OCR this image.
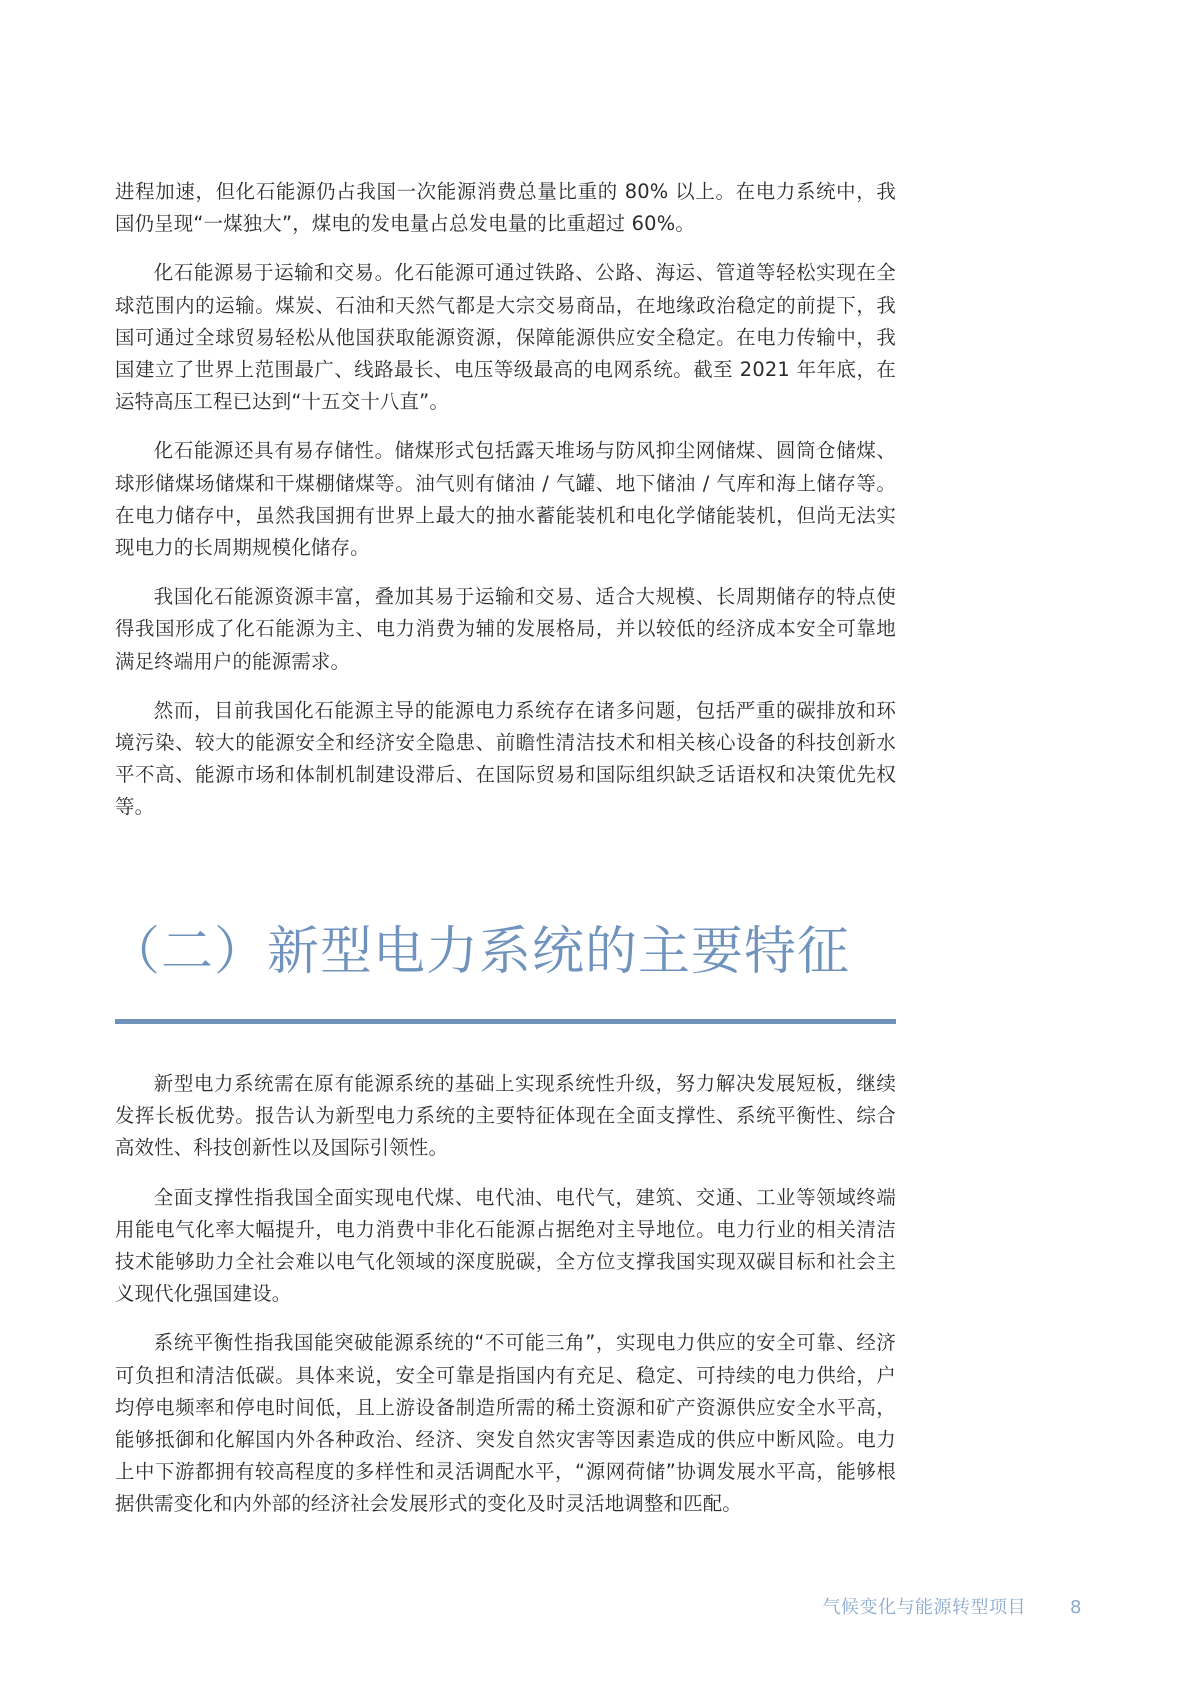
进程加速，但化石能源仍占我国一次能源消费总量比重的 80% 以上。在电力系统中，我国仍呈现“一煤独大”，煤电的发电量占总发电量的比重超过 60%。

化石能源易于运输和交易。化石能源可通过铁路、公路、海运、管道等轻松实现在全球范围内的运输。煤炭、石油和天然气都是大宗交易商品，在地缘政治稳定的前提下，我国可通过全球贸易轻松从他国获取能源资源，保障能源供应安全稳定。在电力传输中，我国建立了世界上范围最广、线路最长、电压等级最高的电网系统。截至 2021 年年底，在运特高压工程已达到“十五交十八直”。

化石能源还具有易存储性。储煤形式包括露天堆场与防风抑尘网储煤、圆筒仓储煤、球形储煤场储煤和干煤棚储煤等。油气则有储油 / 气罐、地下储油 / 气库和海上储存等。在电力储存中，虽然我国拥有世界上最大的抽水蓄能装机和电化学储能装机，但尚无法实现电力的长周期规模化储存。

我国化石能源资源丰富，叠加其易于运输和交易、适合大规模、长周期储存的特点使得我国形成了化石能源为主、电力消费为辅的发展格局，并以较低的经济成本安全可靠地满足终端用户的能源需求。

然而，目前我国化石能源主导的能源电力系统存在诸多问题，包括严重的碳排放和环境污染、较大的能源安全和经济安全隐患、前瞻性清洁技术和相关核心设备的科技创新水平不高、能源市场和体制机制建设滞后、在国际贸易和国际组织缺乏话语权和决策优先权等。

（二）新型电力系统的主要特征

新型电力系统需在原有能源系统的基础上实现系统性升级，努力解决发展短板，继续发挥长板优势。报告认为新型电力系统的主要特征体现在全面支撑性、系统平衡性、综合高效性、科技创新性以及国际引领性。

全面支撑性指我国全面实现电代煤、电代油、电代气，建筑、交通、工业等领域终端用能电气化率大幅提升，电力消费中非化石能源占据绝对主导地位。电力行业的相关清洁技术能够助力全社会难以电气化领域的深度脱碳，全方位支撑我国实现双碳目标和社会主义现代化强国建设。

系统平衡性指我国能突破能源系统的“不可能三角”，实现电力供应的安全可靠、经济可负担和清洁低碳。具体来说，安全可靠是指国内有充足、稳定、可持续的电力供给，户均停电频率和停电时间低，且上游设备制造所需的稀土资源和矿产资源供应安全水平高，能够抵御和化解国内外各种政治、经济、突发自然灾害等因素造成的供应中断风险。电力上中下游都拥有较高程度的多样性和灵活调配水平，“源网荷储”协调发展水平高，能够根据供需变化和内外部的经济社会发展形式的变化及时灵活地调整和匹配。

气候变化与能源转型项目 8
